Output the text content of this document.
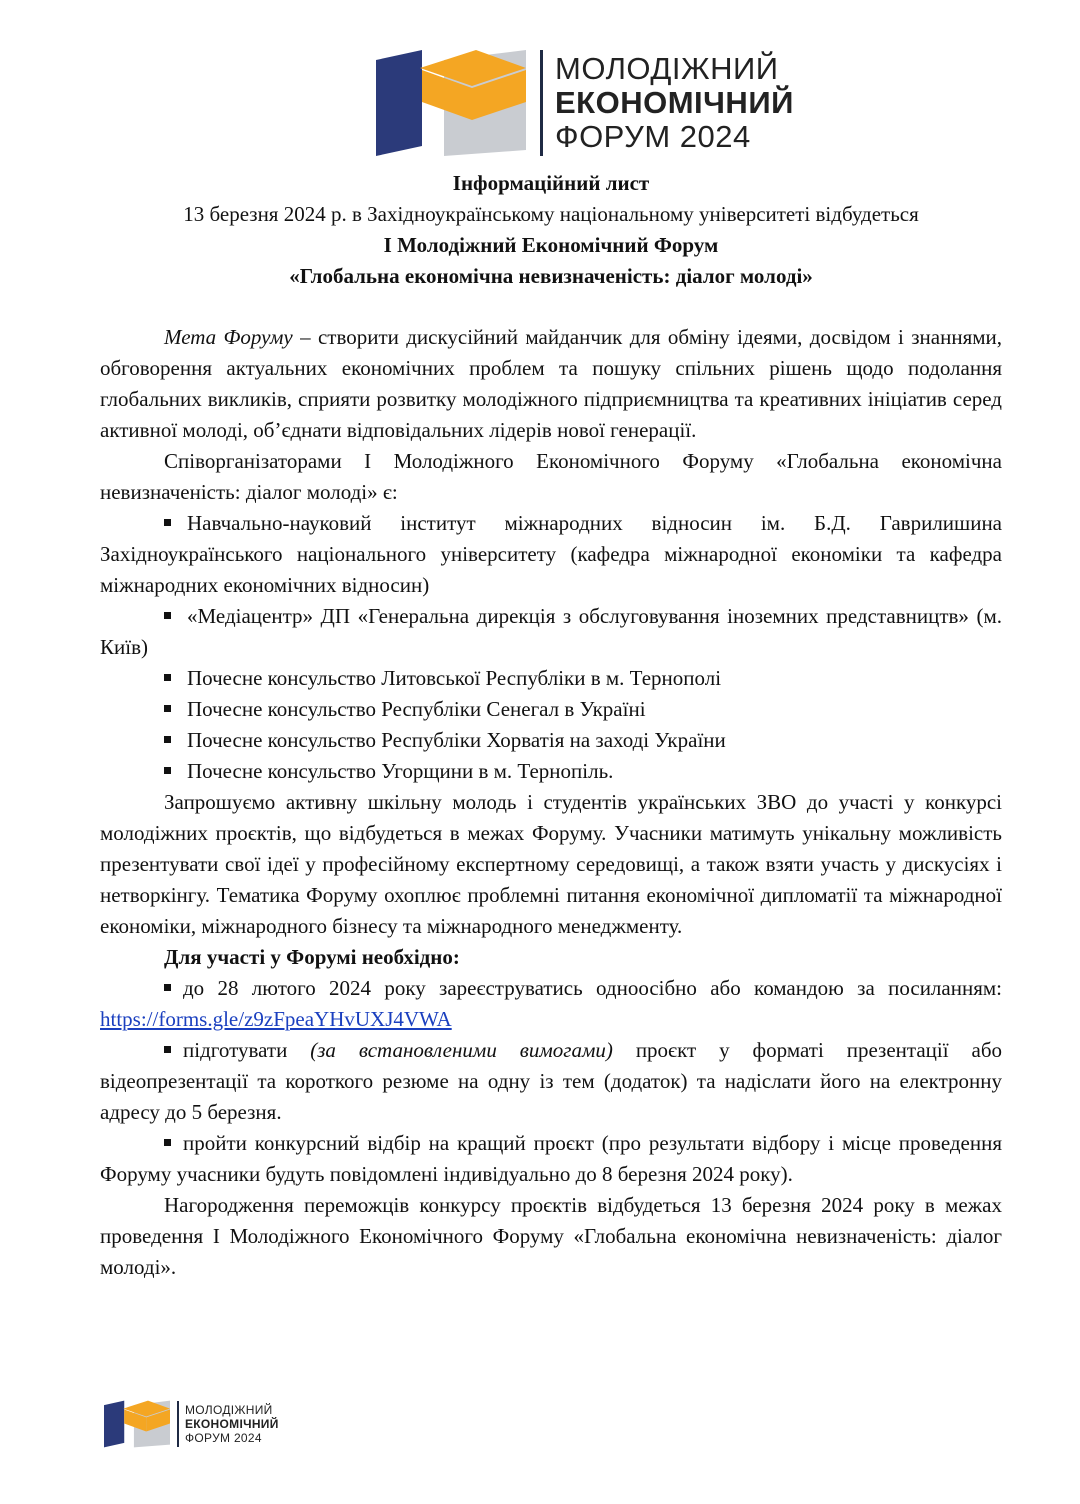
МОЛОДІЖНИЙ
ЕКОНОМІЧНИЙ
ФОРУМ 2024
Інформаційний лист
13 березня 2024 р. в Західноукраїнському національному університеті відбудеться
І Молодіжний Економічний Форум
«Глобальна економічна невизначеність: діалог молоді»

Мета Форуму – створити дискусійний майданчик для обміну ідеями, досвідом і знаннями, обговорення актуальних економічних проблем та пошуку спільних рішень щодо подолання глобальних викликів, сприяти розвитку молодіжного підприємництва та креативних ініціатив серед активної молоді, об’єднати відповідальних лідерів нової генерації.

Співорганізаторами І Молодіжного Економічного Форуму «Глобальна економічна невизначеність: діалог молоді» є:

Навчально-науковий інститут міжнародних відносин ім. Б.Д. Гаврилишина Західноукраїнського національного університету (кафедра міжнародної економіки та кафедра міжнародних економічних відносин)

«Медіацентр» ДП «Генеральна дирекція з обслуговування іноземних представництв» (м. Київ)

Почесне консульство Литовської Республіки в м. Тернополі

Почесне консульство Республіки Сенегал в Україні

Почесне консульство Республіки Хорватія на заході України

Почесне консульство Угорщини в м. Тернопіль.

Запрошуємо активну шкільну молодь і студентів українських ЗВО до участі у конкурсі молодіжних проєктів, що відбудеться в межах Форуму. Учасники матимуть унікальну можливість презентувати свої ідеї у професійному експертному середовищі, а також взяти участь у дискусіях і нетворкінгу. Тематика Форуму охоплює проблемні питання економічної дипломатії та міжнародної економіки, міжнародного бізнесу та міжнародного менеджменту.

Для участі у Форумі необхідно:

до 28 лютого 2024 року зареєструватись одноосібно або командою за посиланням: https://forms.gle/z9zFpeaYHvUXJ4VWA

підготувати (за встановленими вимогами) проєкт у форматі презентації або відеопрезентації та короткого резюме на одну із тем (додаток) та надіслати його на електронну адресу до 5 березня.

пройти конкурсний відбір на кращий проєкт (про результати відбору і місце проведення Форуму учасники будуть повідомлені індивідуально до 8 березня 2024 року).

Нагородження переможців конкурсу проєктів відбудеться 13 березня 2024 року в межах проведення І Молодіжного Економічного Форуму «Глобальна економічна невизначеність: діалог молоді».

МОЛОДІЖНИЙ
ЕКОНОМІЧНИЙ
ФОРУМ 2024
